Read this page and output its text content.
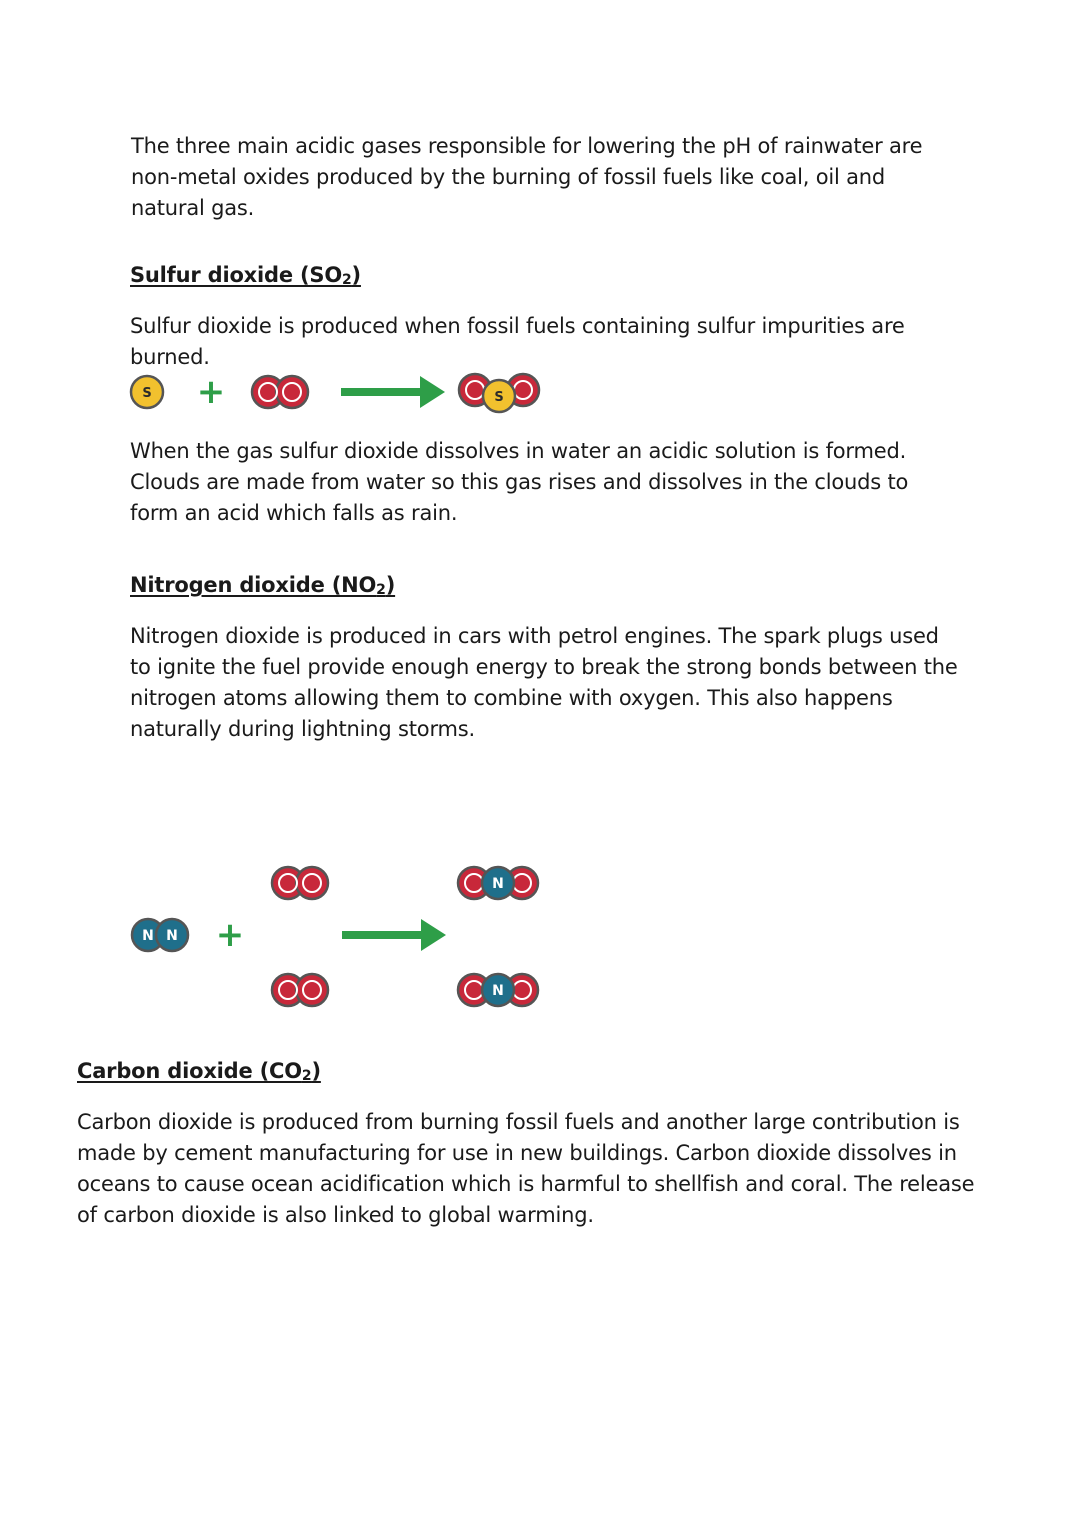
The three main acidic gases responsible for lowering the pH of rainwater are non-metal oxides produced by the burning of fossil fuels like coal, oil and natural gas.

Sulfur dioxide $(SO_2)$

Sulfur dioxide is produced when fossil fuels containing sulfur impurities are burned.

S +	S

When the gas sulfur dioxide dissolves in water an acidic solution is formed. Clouds are made from water so this gas rises and dissolves in the clouds to form an acid which falls as rain.

Nitrogen dioxide $(NO_2)$

Nitrogen dioxide is produced in cars with petrol engines. The spark plugs used to ignite the fuel provide enough energy to break the strong bonds between the nitrogen atoms allowing them to combine with oxygen. This also happens naturally during lightning storms.

N N +
N
N
Carbon dioxide $(CO_2)$

Carbon dioxide is produced from burning fossil fuels and another large contribution is made by cement manufacturing for use in new buildings. Carbon dioxide dissolves in oceans to cause ocean acidification which is harmful to shellfish and coral. The release of carbon dioxide is also linked to global warming.
